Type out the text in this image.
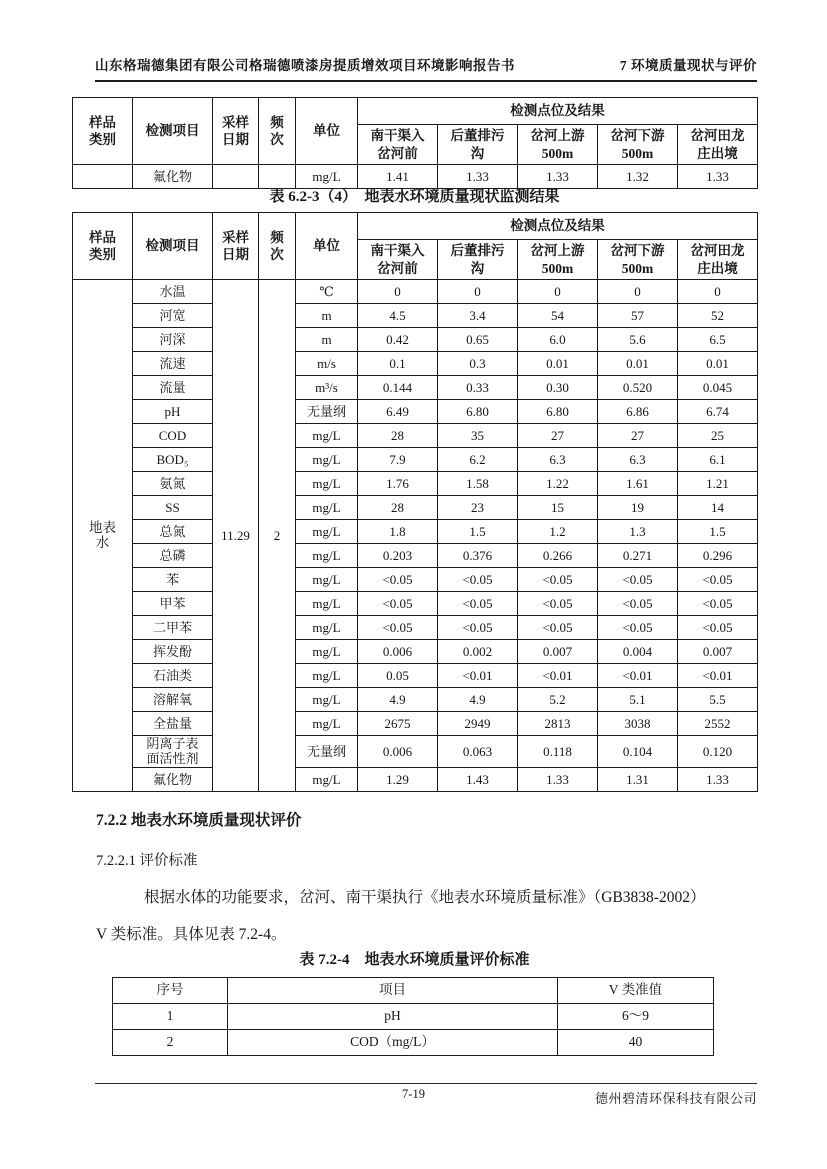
山东格瑞德集团有限公司格瑞德喷漆房提质增效项目环境影响报告书	7 环境质量现状与评价
样品类别	检测项目	采样日期	频次	单位	检测点位及结果				
					南干渠入岔河前	后董排污沟	岔河上游500m	岔河下游500m	岔河田龙庄出境
	氟化物			mg/L	1.41	1.33	1.33	1.32	1.33
表 6.2-3（4）　地表水环境质量现状监测结果
样品类别	检测项目	采样日期	频次	单位	检测点位及结果				
					南干渠入岔河前	后董排污沟	岔河上游500m	岔河下游500m	岔河田龙庄出境
地表水	水温	11.29	2	℃	0	0	0	0	0
	河宽			m	4.5	3.4	54	57	52
	河深			m	0.42	0.65	6.0	5.6	6.5
	流速			m/s	0.1	0.3	0.01	0.01	0.01
	流量			m³/s	0.144	0.33	0.30	0.520	0.045
	pH			无量纲	6.49	6.80	6.80	6.86	6.74
	COD			mg/L	28	35	27	27	25
	BOD₅			mg/L	7.9	6.2	6.3	6.3	6.1
	氨氮			mg/L	1.76	1.58	1.22	1.61	1.21
	SS			mg/L	28	23	15	19	14
	总氮			mg/L	1.8	1.5	1.2	1.3	1.5
	总磷			mg/L	0.203	0.376	0.266	0.271	0.296
	苯			mg/L	<0.05	<0.05	<0.05	<0.05	<0.05
	甲苯			mg/L	<0.05	<0.05	<0.05	<0.05	<0.05
	二甲苯			mg/L	<0.05	<0.05	<0.05	<0.05	<0.05
	挥发酚			mg/L	0.006	0.002	0.007	0.004	0.007
	石油类			mg/L	0.05	<0.01	<0.01	<0.01	<0.01
	溶解氧			mg/L	4.9	4.9	5.2	5.1	5.5
	全盐量			mg/L	2675	2949	2813	3038	2552
	阴离子表面活性剂			无量纲	0.006	0.063	0.118	0.104	0.120
	氟化物			mg/L	1.29	1.43	1.33	1.31	1.33
7.2.2 地表水环境质量现状评价
7.2.2.1 评价标准
根据水体的功能要求，岔河、南干渠执行《地表水环境质量标准》（GB3838-2002）
V 类标准。具体见表 7.2-4。
表 7.2-4　地表水环境质量评价标准
序号	项目	V 类准值
1	pH	6～9
2	COD（mg/L）	40
7-19	德州碧清环保科技有限公司
